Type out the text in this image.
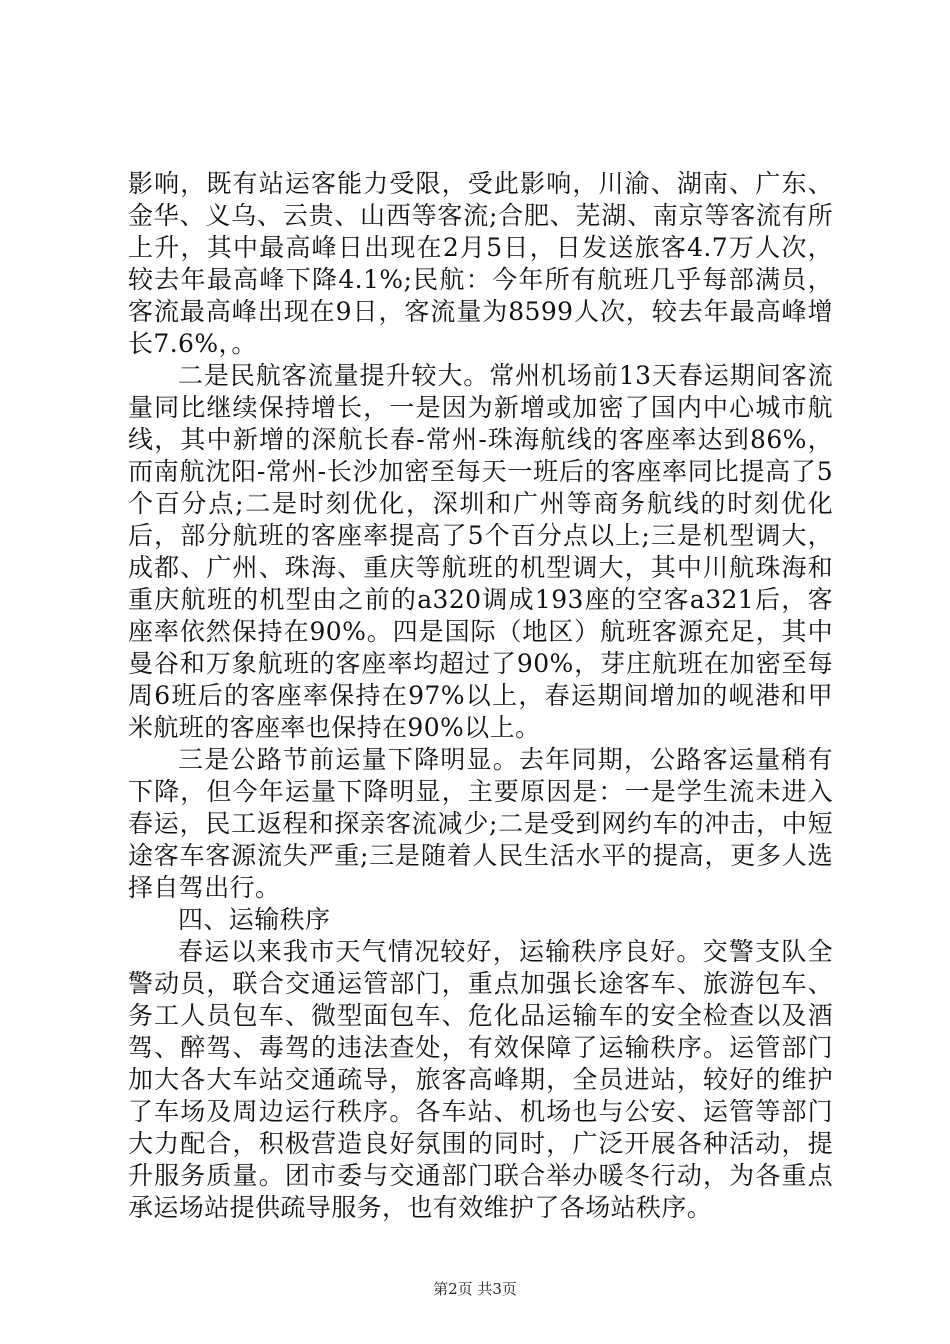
影响，既有站运客能力受限，受此影响，川渝、湖南、广东、金华、义乌、云贵、山西等客流;合肥、芜湖、南京等客流有所上升，其中最高峰日出现在2月5日，日发送旅客4.7万人次，较去年最高峰下降4.1%;民航：今年所有航班几乎每部满员，客流最高峰出现在9日，客流量为8599人次，较去年最高峰增长7.6%，。

二是民航客流量提升较大。常州机场前13天春运期间客流量同比继续保持增长，一是因为新增或加密了国内中心城市航线，其中新增的深航长春-常州-珠海航线的客座率达到86%，而南航沈阳-常州-长沙加密至每天一班后的客座率同比提高了5个百分点;二是时刻优化，深圳和广州等商务航线的时刻优化后，部分航班的客座率提高了5个百分点以上;三是机型调大，成都、广州、珠海、重庆等航班的机型调大，其中川航珠海和重庆航班的机型由之前的a320调成193座的空客a321后，客座率依然保持在90%。四是国际（地区）航班客源充足，其中曼谷和万象航班的客座率均超过了90%，芽庄航班在加密至每周6班后的客座率保持在97%以上，春运期间增加的岘港和甲米航班的客座率也保持在90%以上。

三是公路节前运量下降明显。去年同期，公路客运量稍有下降，但今年运量下降明显，主要原因是：一是学生流未进入春运，民工返程和探亲客流减少;二是受到网约车的冲击，中短途客车客源流失严重;三是随着人民生活水平的提高，更多人选择自驾出行。

四、运输秩序

春运以来我市天气情况较好，运输秩序良好。交警支队全警动员，联合交通运管部门，重点加强长途客车、旅游包车、务工人员包车、微型面包车、危化品运输车的安全检查以及酒驾、醉驾、毒驾的违法查处，有效保障了运输秩序。运管部门加大各大车站交通疏导，旅客高峰期，全员进站，较好的维护了车场及周边运行秩序。各车站、机场也与公安、运管等部门大力配合，积极营造良好氛围的同时，广泛开展各种活动，提升服务质量。团市委与交通部门联合举办暖冬行动，为各重点承运场站提供疏导服务，也有效维护了各场站秩序。

第2页 共3页
